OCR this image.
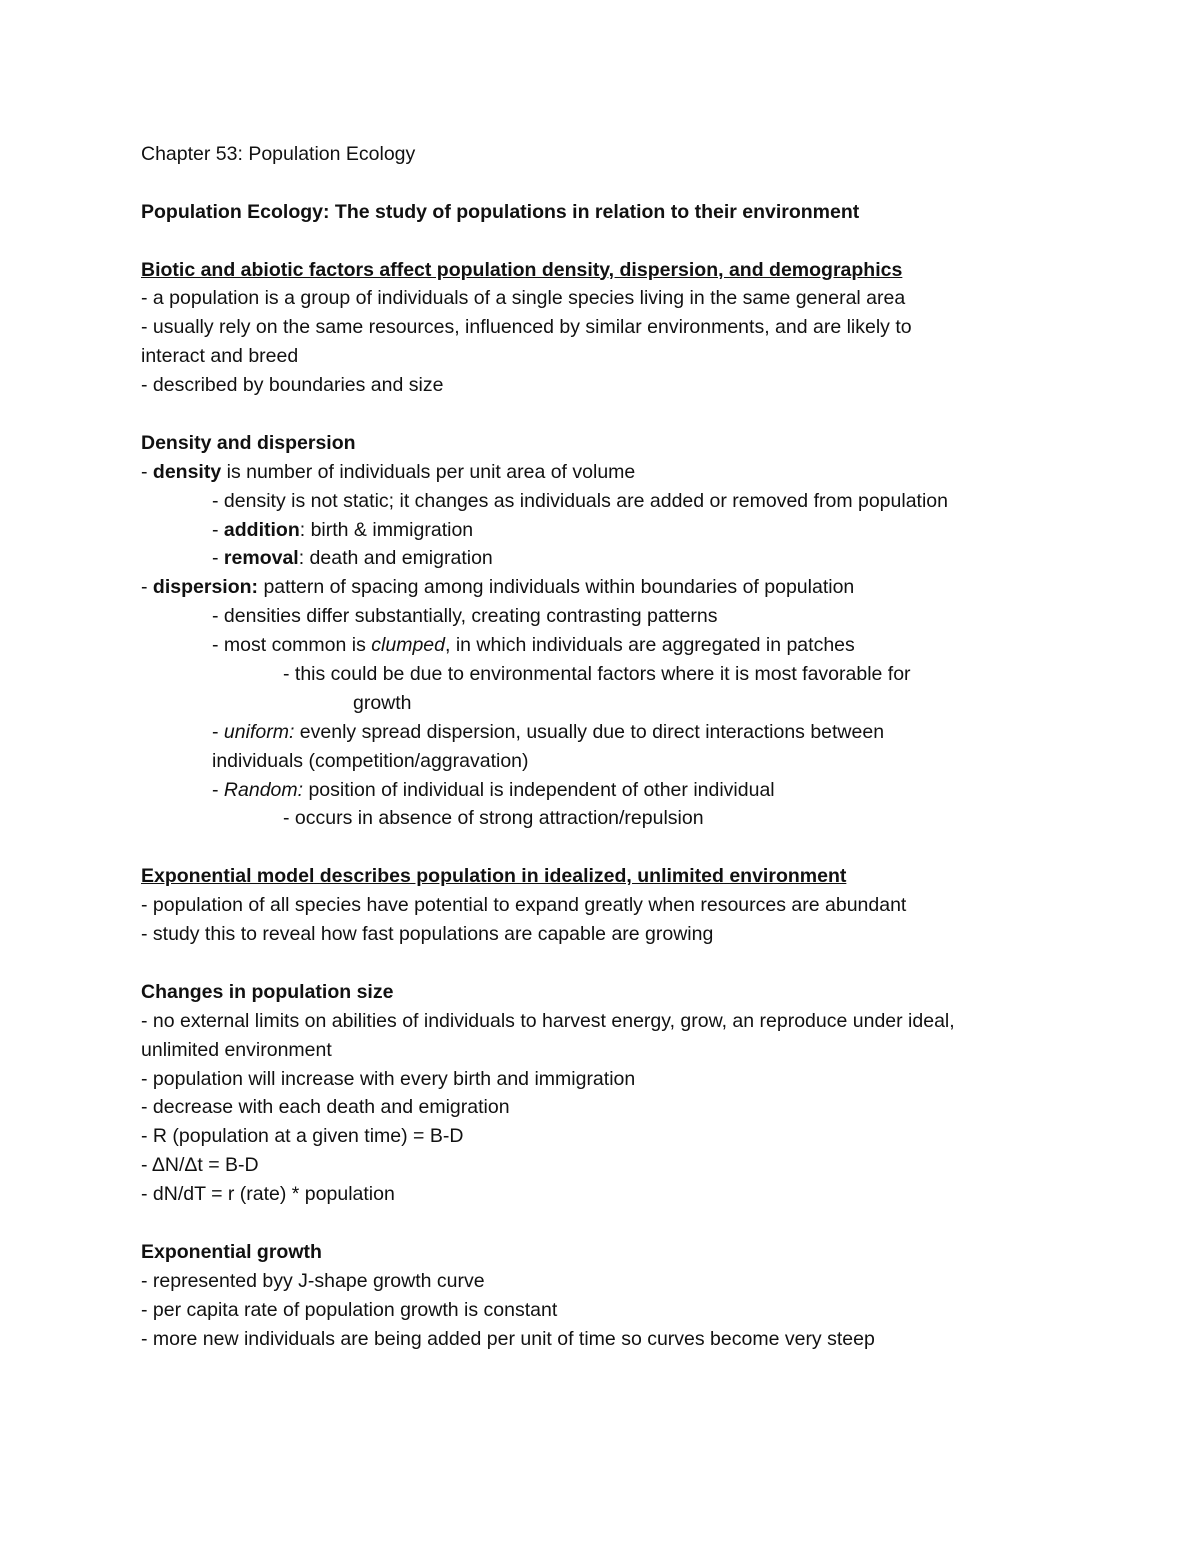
Chapter 53: Population Ecology
Population Ecology: The study of populations in relation to their environment
Biotic and abiotic factors affect population density, dispersion, and demographics
- a population is a group of individuals of a single species living in the same general area
- usually rely on the same resources, influenced by similar environments, and are likely to
interact and breed
- described by boundaries and size
Density and dispersion
- density is number of individuals per unit area of volume
- density is not static; it changes as individuals are added or removed from population
- addition: birth & immigration
- removal: death and emigration
- dispersion: pattern of spacing among individuals within boundaries of population
- densities differ substantially, creating contrasting patterns
- most common is clumped, in which individuals are aggregated in patches
- this could be due to environmental factors where it is most favorable for
growth
- uniform: evenly spread dispersion, usually due to direct interactions between
individuals (competition/aggravation)
- Random: position of individual is independent of other individual
- occurs in absence of strong attraction/repulsion
Exponential model describes population in idealized, unlimited environment
- population of all species have potential to expand greatly when resources are abundant
- study this to reveal how fast populations are capable are growing
Changes in population size
- no external limits on abilities of individuals to harvest energy, grow, an reproduce under ideal,
unlimited environment
- population will increase with every birth and immigration
- decrease with each death and emigration
- R (population at a given time) = B-D
- ΔN/Δt = B-D
- dN/dT = r (rate) * population
Exponential growth
- represented byy J-shape growth curve
- per capita rate of population growth is constant
- more new individuals are being added per unit of time so curves become very steep
